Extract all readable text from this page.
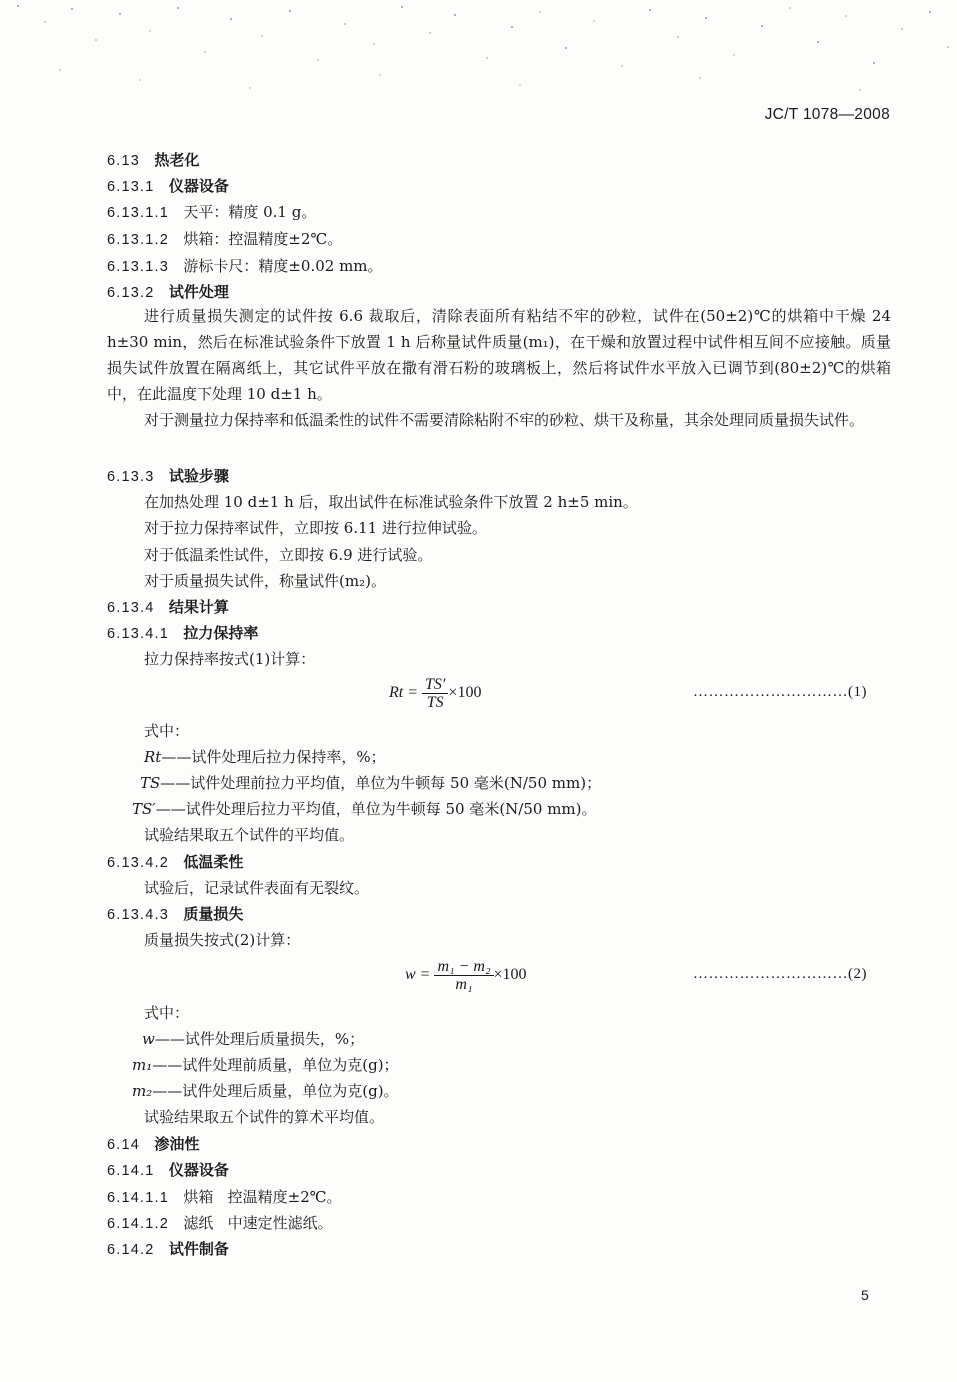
JC/T 1078—2008
6.13 热老化
6.13.1 仪器设备
6.13.1.1 天平：精度 0.1 g。
6.13.1.2 烘箱：控温精度±2℃。
6.13.1.3 游标卡尺：精度±0.02 mm。
6.13.2 试件处理

进行质量损失测定的试件按 6.6 裁取后，清除表面所有粘结不牢的砂粒，试件在(50±2)℃的烘箱中干燥 24 h±30 min，然后在标准试验条件下放置 1 h 后称量试件质量(m₁)，在干燥和放置过程中试件相互间不应接触。质量损失试件放置在隔离纸上，其它试件平放在撒有滑石粉的玻璃板上，然后将试件水平放入已调节到(80±2)℃的烘箱中，在此温度下处理 10 d±1 h。

对于测量拉力保持率和低温柔性的试件不需要清除粘附不牢的砂粒、烘干及称量，其余处理同质量损失试件。

6.13.3 试验步骤
在加热处理 10 d±1 h 后，取出试件在标准试验条件下放置 2 h±5 min。
对于拉力保持率试件，立即按 6.11 进行拉伸试验。
对于低温柔性试件，立即按 6.9 进行试验。
对于质量损失试件，称量试件(m₂)。
6.13.4 结果计算
6.13.4.1 拉力保持率
拉力保持率按式(1)计算：
$Rt = \frac{TS'}{TS} \times 100$	…………………………(1)
式中：
Rt——试件处理后拉力保持率，%；
TS——试件处理前拉力平均值，单位为牛顿每 50 毫米(N/50 mm)；
TS′——试件处理后拉力平均值，单位为牛顿每 50 毫米(N/50 mm)。
试验结果取五个试件的平均值。
6.13.4.2 低温柔性
试验后，记录试件表面有无裂纹。
6.13.4.3 质量损失
质量损失按式(2)计算：
$w = \frac{\text{m₁ − m₂}}{\text{m₁}} \times 100$	…………………………(2)
式中：
w——试件处理后质量损失，%；
m₁——试件处理前质量，单位为克(g)；
m₂——试件处理后质量，单位为克(g)。
试验结果取五个试件的算术平均值。
6.14 渗油性
6.14.1 仪器设备
6.14.1.1 烘箱 控温精度±2℃。
6.14.1.2 滤纸 中速定性滤纸。
6.14.2 试件制备
5
